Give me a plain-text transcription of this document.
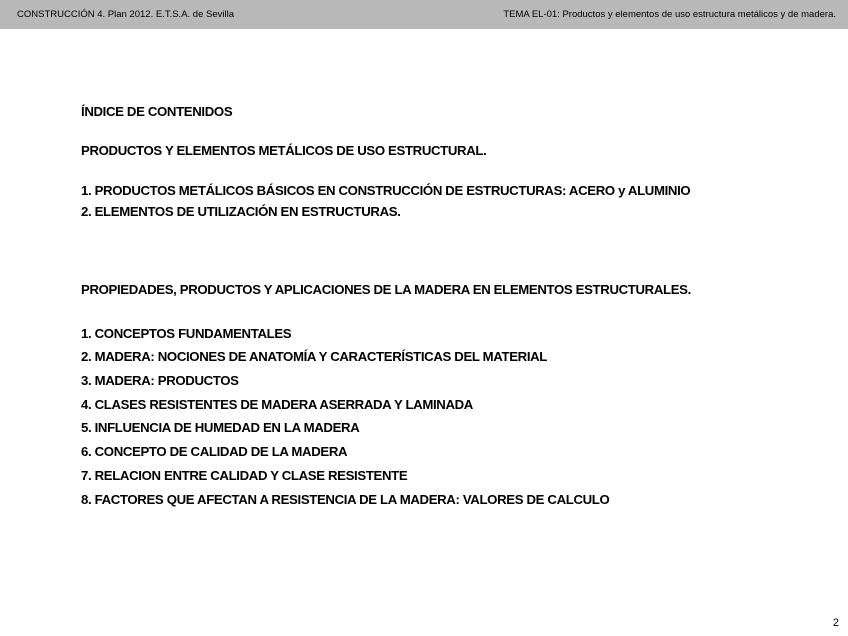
CONSTRUCCIÓN 4. Plan 2012. E.T.S.A. de Sevilla	TEMA EL-01: Productos y elementos de uso estructura metálicos y de madera.
ÍNDICE DE CONTENIDOS
PRODUCTOS Y ELEMENTOS METÁLICOS DE USO ESTRUCTURAL.
1. PRODUCTOS METÁLICOS BÁSICOS EN CONSTRUCCIÓN DE ESTRUCTURAS: ACERO y ALUMINIO
2. ELEMENTOS DE UTILIZACIÓN EN ESTRUCTURAS.
PROPIEDADES, PRODUCTOS Y APLICACIONES DE LA MADERA EN ELEMENTOS ESTRUCTURALES.
1. CONCEPTOS FUNDAMENTALES
2. MADERA: NOCIONES DE ANATOMÍA Y CARACTERÍSTICAS DEL MATERIAL
3. MADERA: PRODUCTOS
4. CLASES RESISTENTES DE MADERA ASERRADA Y LAMINADA
5. INFLUENCIA DE HUMEDAD EN LA MADERA
6. CONCEPTO DE CALIDAD DE LA MADERA
7. RELACION ENTRE CALIDAD Y CLASE RESISTENTE
8. FACTORES QUE AFECTAN A RESISTENCIA DE LA MADERA: VALORES DE CALCULO
2
